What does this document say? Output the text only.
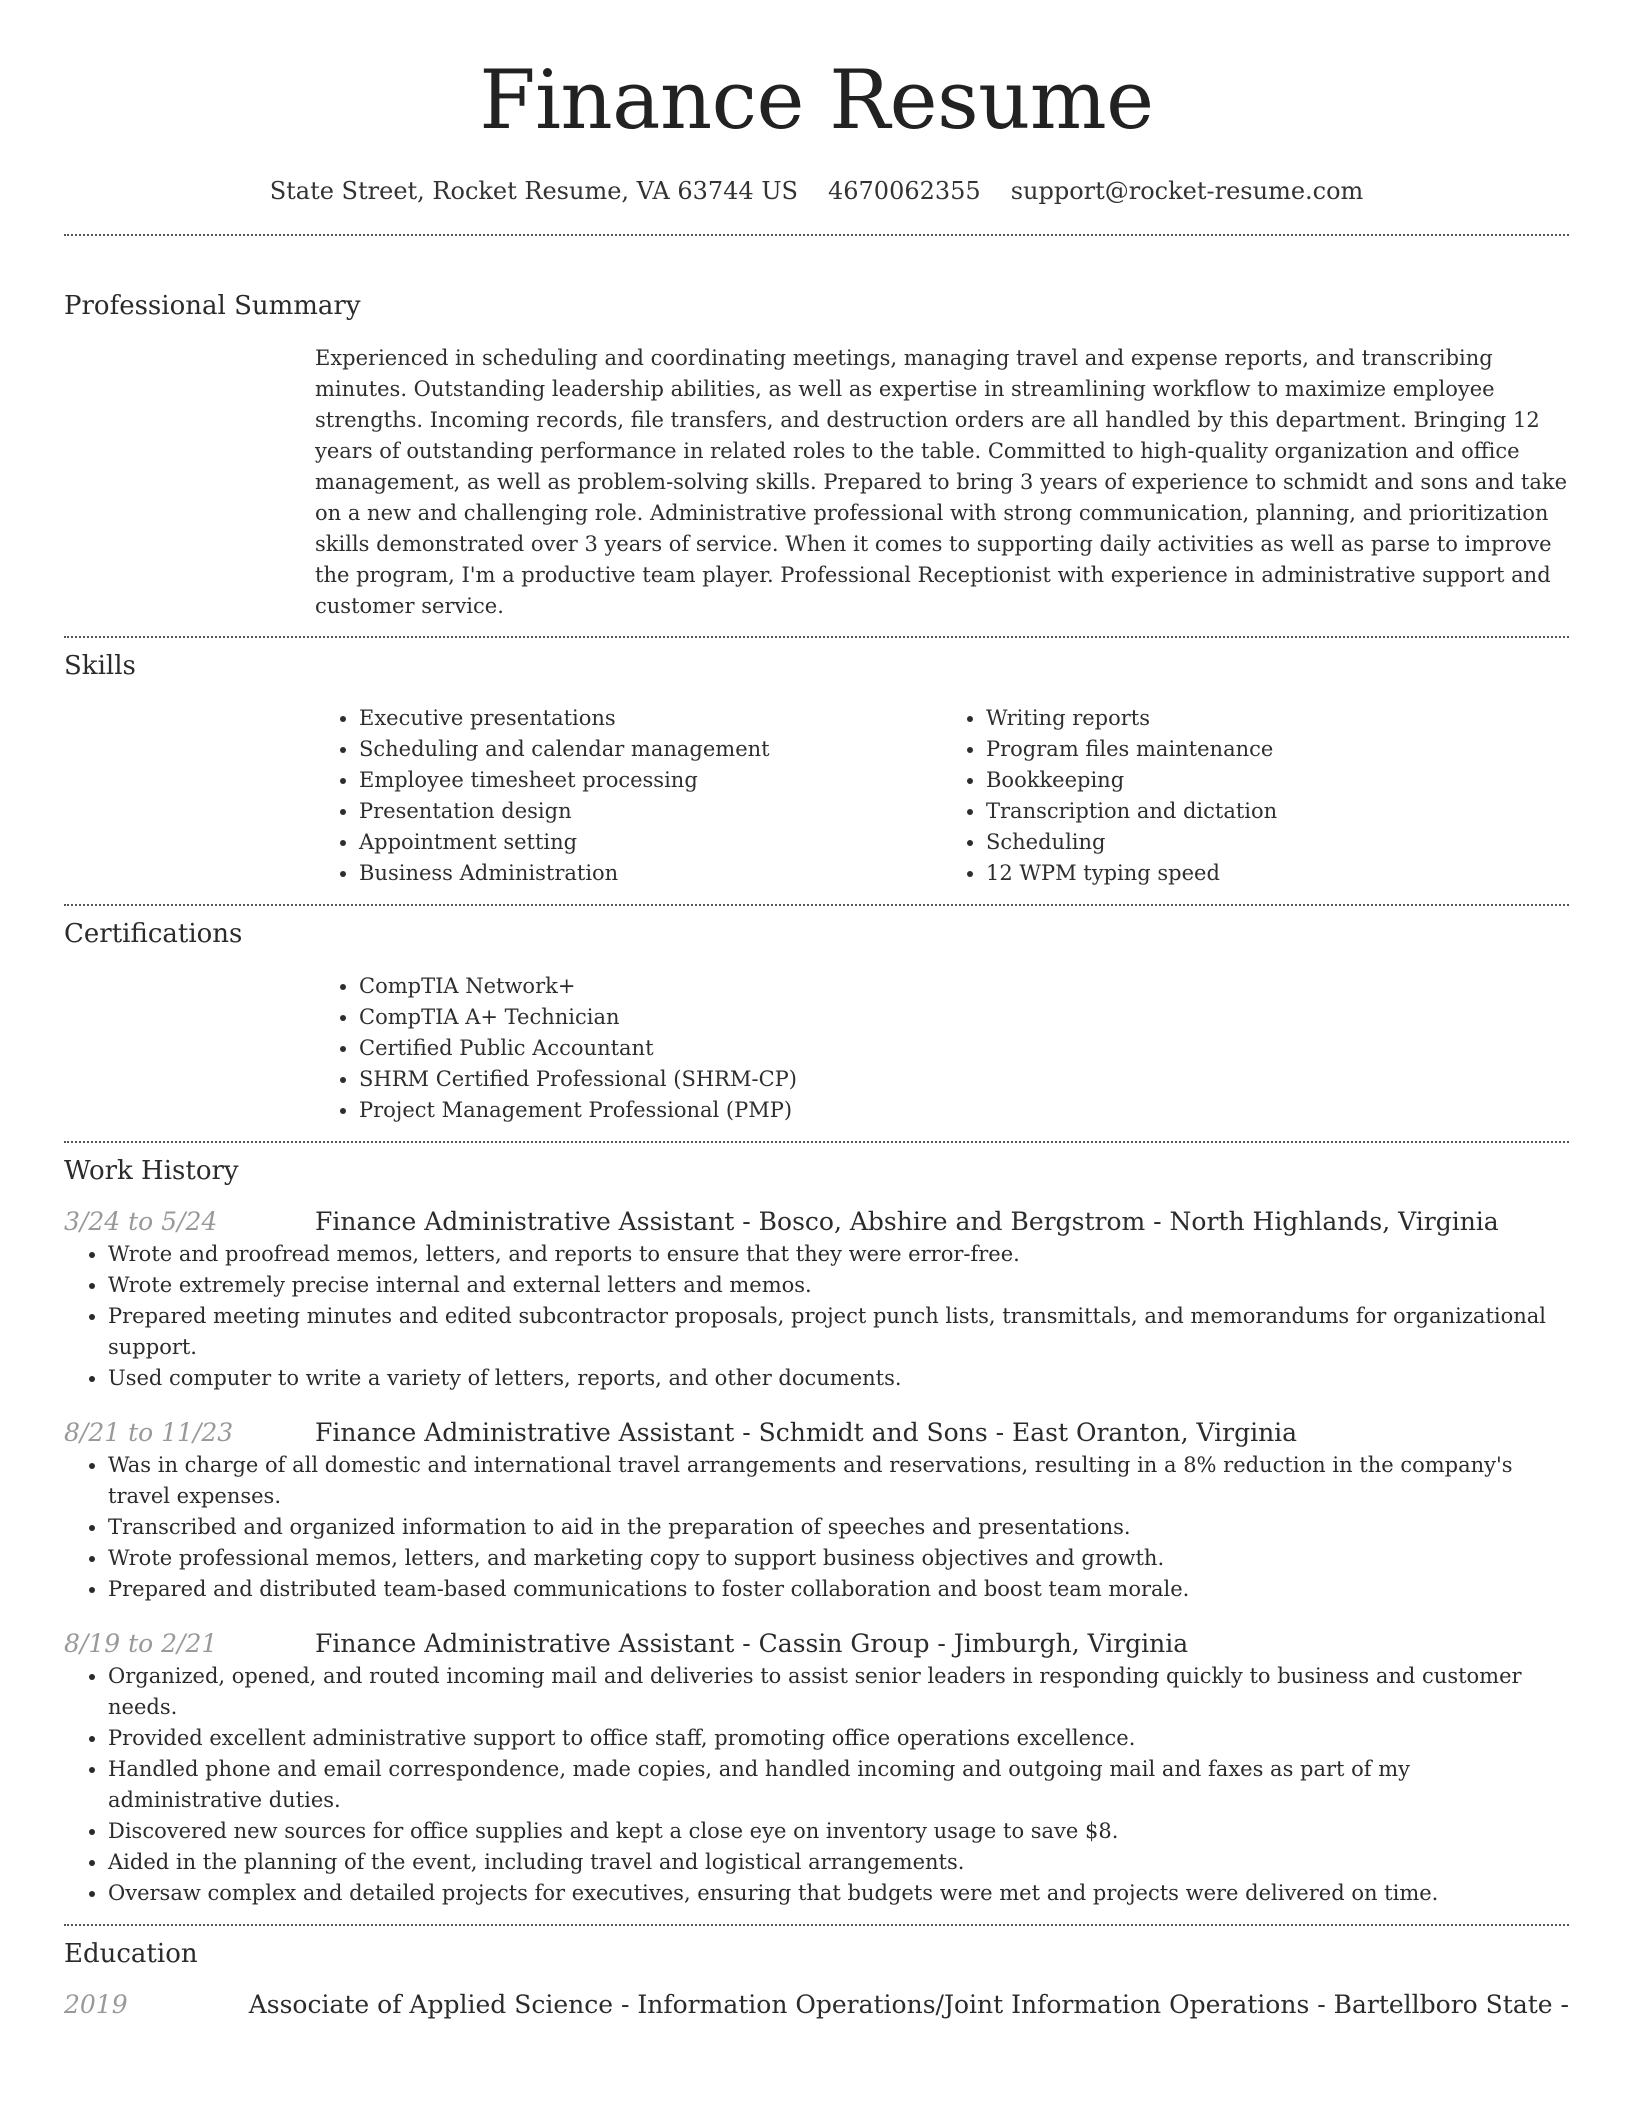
Finance Resume
State Street, Rocket Resume, VA 63744 US 4670062355 support@rocket-resume.com
Professional Summary

Experienced in scheduling and coordinating meetings, managing travel and expense reports, and transcribing minutes. Outstanding leadership abilities, as well as expertise in streamlining workflow to maximize employee strengths. Incoming records, file transfers, and destruction orders are all handled by this department. Bringing 12 years of outstanding performance in related roles to the table. Committed to high-quality organization and office management, as well as problem-solving skills. Prepared to bring 3 years of experience to schmidt and sons and take on a new and challenging role. Administrative professional with strong communication, planning, and prioritization skills demonstrated over 3 years of service. When it comes to supporting daily activities as well as parse to improve the program, I'm a productive team player. Professional Receptionist with experience in administrative support and customer service.

Skills
• Executive presentations
• Scheduling and calendar management
• Employee timesheet processing
• Presentation design
• Appointment setting
• Business Administration
• Writing reports
• Program files maintenance
• Bookkeeping
• Transcription and dictation
• Scheduling
• 12 WPM typing speed
Certifications
• CompTIA Network+
• CompTIA A+ Technician
• Certified Public Accountant
• SHRM Certified Professional (SHRM-CP)
• Project Management Professional (PMP)
Work History
3/24 to 5/24	Finance Administrative Assistant - Bosco, Abshire and Bergstrom - North Highlands, Virginia
• Wrote and proofread memos, letters, and reports to ensure that they were error-free.
• Wrote extremely precise internal and external letters and memos.
• Prepared meeting minutes and edited subcontractor proposals, project punch lists, transmittals, and memorandums for organizational support.
• Used computer to write a variety of letters, reports, and other documents.
8/21 to 11/23	Finance Administrative Assistant - Schmidt and Sons - East Oranton, Virginia
• Was in charge of all domestic and international travel arrangements and reservations, resulting in a 8% reduction in the company's travel expenses.
• Transcribed and organized information to aid in the preparation of speeches and presentations.
• Wrote professional memos, letters, and marketing copy to support business objectives and growth.
• Prepared and distributed team-based communications to foster collaboration and boost team morale.
8/19 to 2/21	Finance Administrative Assistant - Cassin Group - Jimburgh, Virginia
• Organized, opened, and routed incoming mail and deliveries to assist senior leaders in responding quickly to business and customer needs.
• Provided excellent administrative support to office staff, promoting office operations excellence.
• Handled phone and email correspondence, made copies, and handled incoming and outgoing mail and faxes as part of my administrative duties.
• Discovered new sources for office supplies and kept a close eye on inventory usage to save $8.
• Aided in the planning of the event, including travel and logistical arrangements.
• Oversaw complex and detailed projects for executives, ensuring that budgets were met and projects were delivered on time.
Education
2019	Associate of Applied Science - Information Operations/Joint Information Operations - Bartellboro State -
